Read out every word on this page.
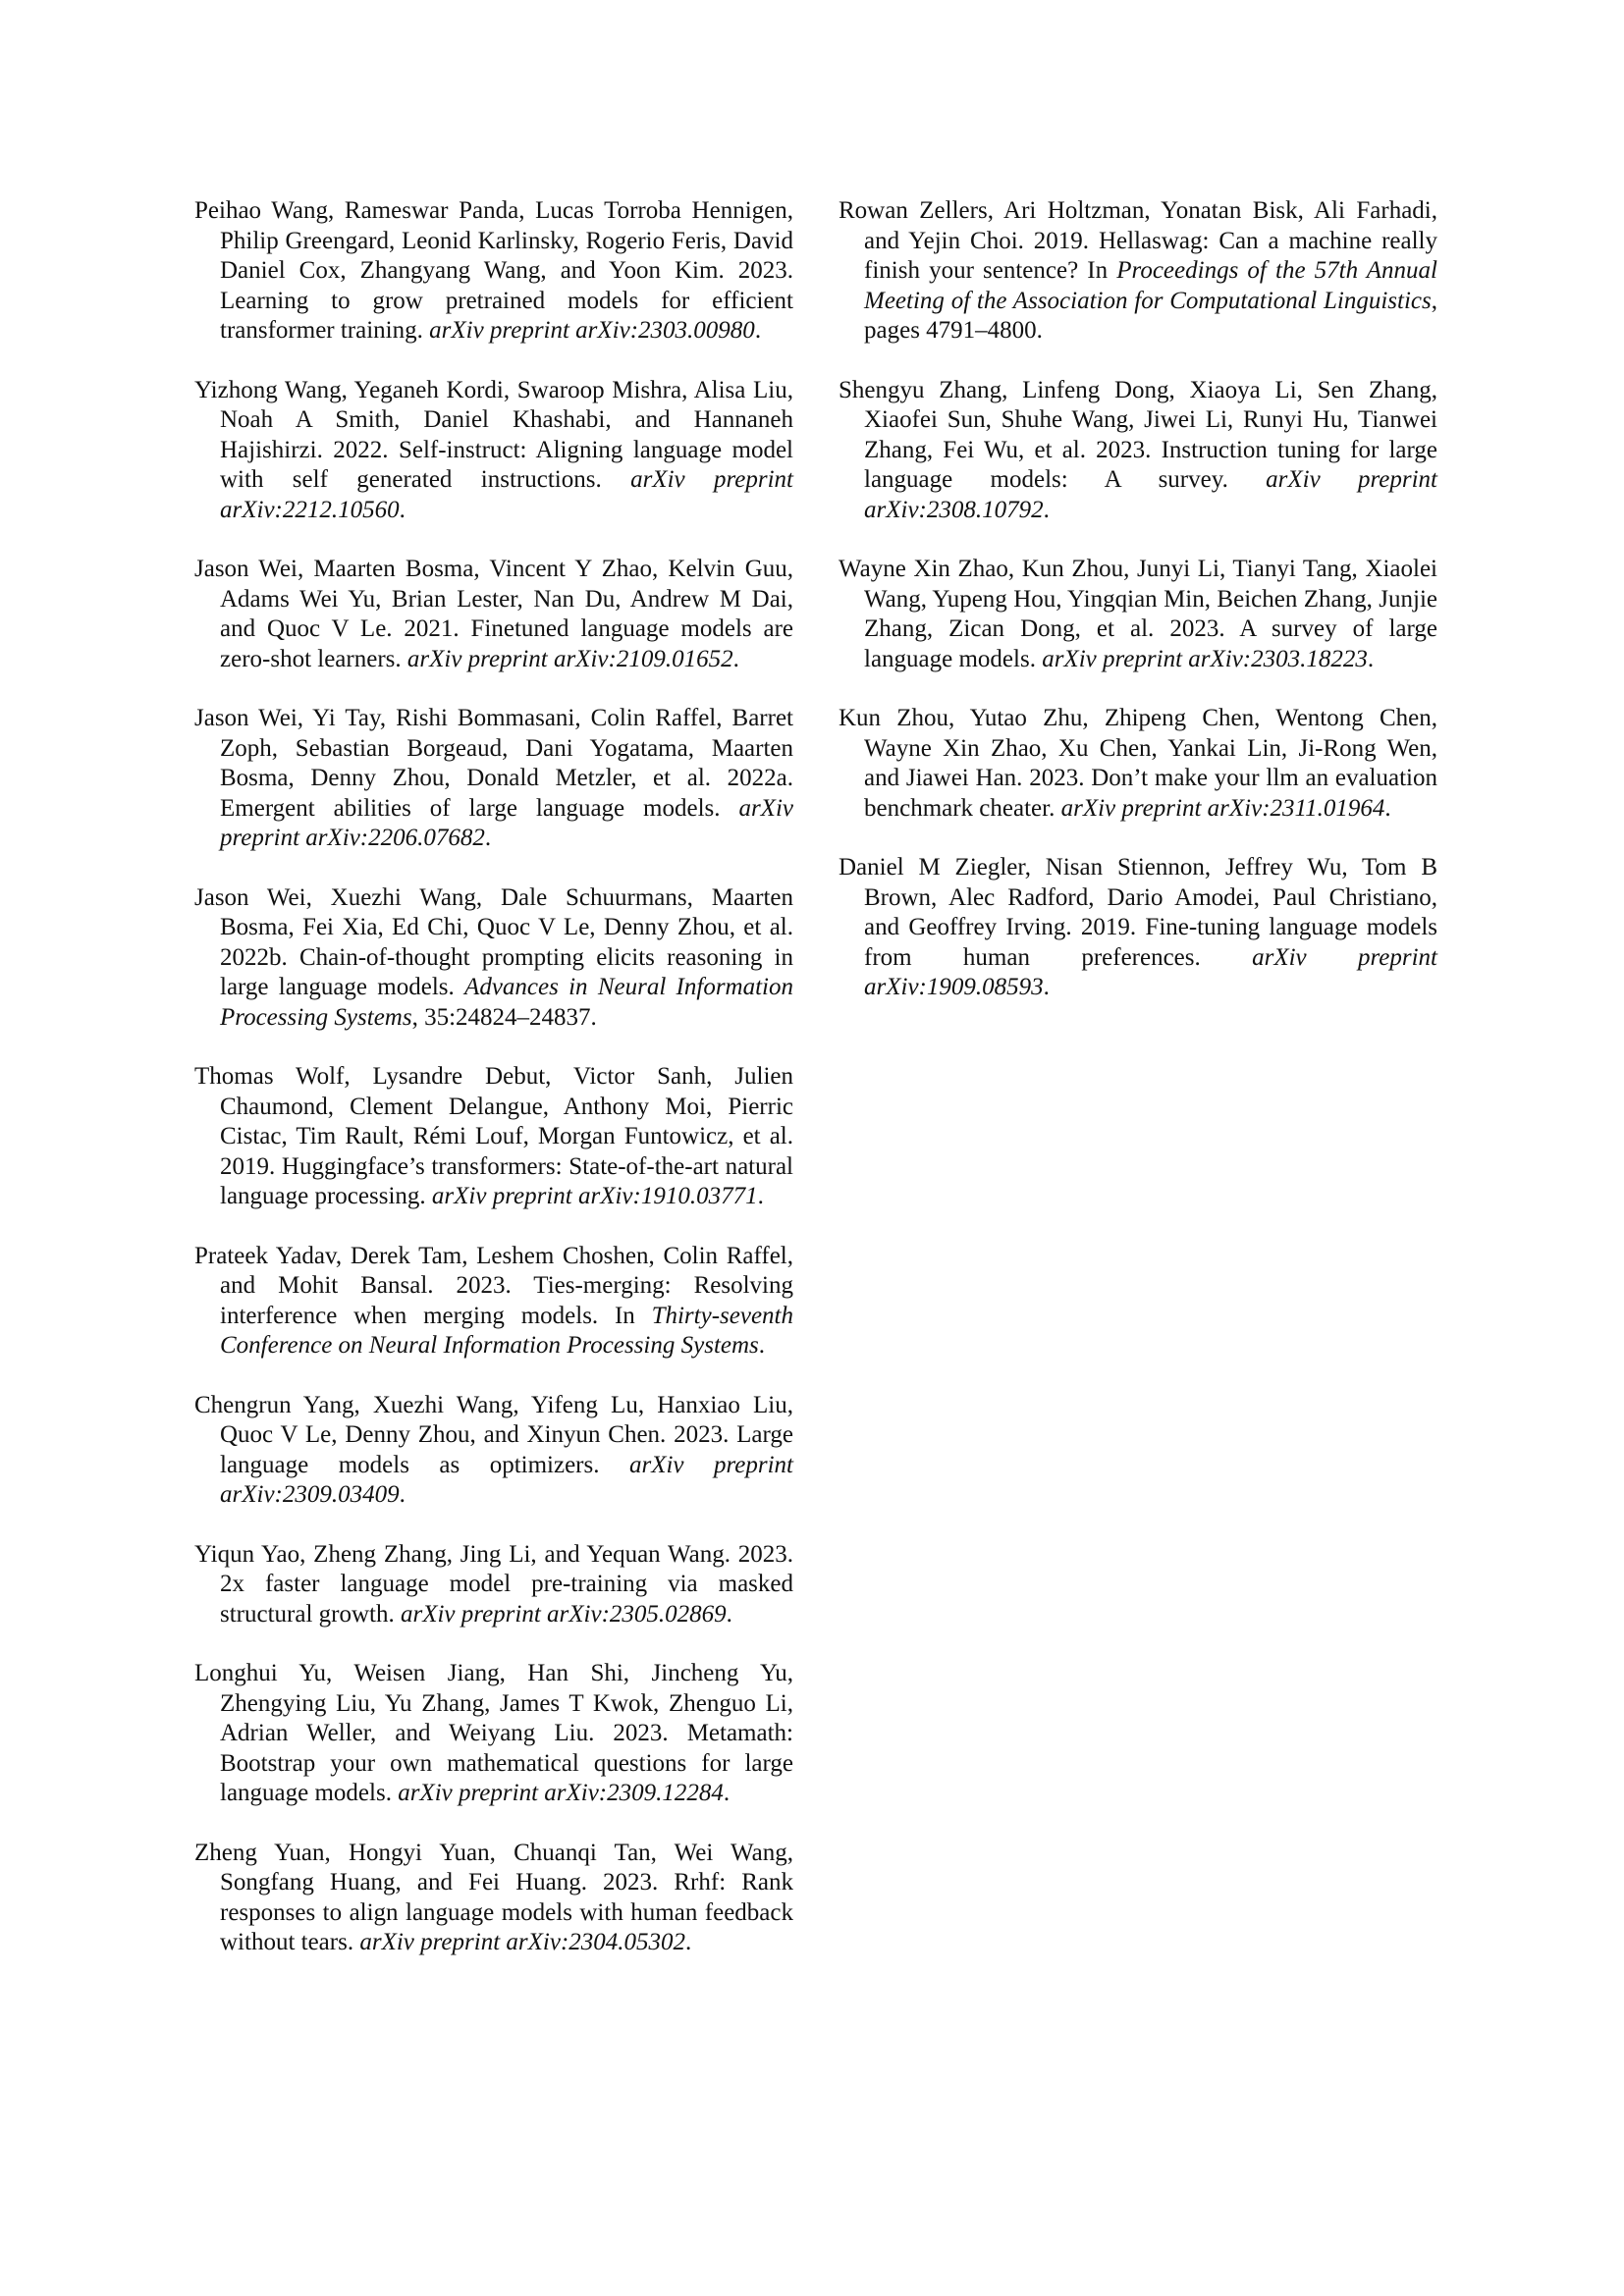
Peihao Wang, Rameswar Panda, Lucas Torroba Hennigen, Philip Greengard, Leonid Karlinsky, Rogerio Feris, David Daniel Cox, Zhangyang Wang, and Yoon Kim. 2023. Learning to grow pretrained models for efficient transformer training. arXiv preprint arXiv:2303.00980.

Yizhong Wang, Yeganeh Kordi, Swaroop Mishra, Alisa Liu, Noah A Smith, Daniel Khashabi, and Hannaneh Hajishirzi. 2022. Self-instruct: Aligning language model with self generated instructions. arXiv preprint arXiv:2212.10560.

Jason Wei, Maarten Bosma, Vincent Y Zhao, Kelvin Guu, Adams Wei Yu, Brian Lester, Nan Du, Andrew M Dai, and Quoc V Le. 2021. Finetuned language models are zero-shot learners. arXiv preprint arXiv:2109.01652.

Jason Wei, Yi Tay, Rishi Bommasani, Colin Raffel, Barret Zoph, Sebastian Borgeaud, Dani Yogatama, Maarten Bosma, Denny Zhou, Donald Metzler, et al. 2022a. Emergent abilities of large language models. arXiv preprint arXiv:2206.07682.

Jason Wei, Xuezhi Wang, Dale Schuurmans, Maarten Bosma, Fei Xia, Ed Chi, Quoc V Le, Denny Zhou, et al. 2022b. Chain-of-thought prompting elicits reasoning in large language models. Advances in Neural Information Processing Systems, 35:24824–24837.

Thomas Wolf, Lysandre Debut, Victor Sanh, Julien Chaumond, Clement Delangue, Anthony Moi, Pierric Cistac, Tim Rault, Rémi Louf, Morgan Funtowicz, et al. 2019. Huggingface’s transformers: State-of-the-art natural language processing. arXiv preprint arXiv:1910.03771.

Prateek Yadav, Derek Tam, Leshem Choshen, Colin Raffel, and Mohit Bansal. 2023. Ties-merging: Resolving interference when merging models. In Thirty-seventh Conference on Neural Information Processing Systems.

Chengrun Yang, Xuezhi Wang, Yifeng Lu, Hanxiao Liu, Quoc V Le, Denny Zhou, and Xinyun Chen. 2023. Large language models as optimizers. arXiv preprint arXiv:2309.03409.

Yiqun Yao, Zheng Zhang, Jing Li, and Yequan Wang. 2023. 2x faster language model pre-training via masked structural growth. arXiv preprint arXiv:2305.02869.

Longhui Yu, Weisen Jiang, Han Shi, Jincheng Yu, Zhengying Liu, Yu Zhang, James T Kwok, Zhenguo Li, Adrian Weller, and Weiyang Liu. 2023. Metamath: Bootstrap your own mathematical questions for large language models. arXiv preprint arXiv:2309.12284.

Zheng Yuan, Hongyi Yuan, Chuanqi Tan, Wei Wang, Songfang Huang, and Fei Huang. 2023. Rrhf: Rank responses to align language models with human feedback without tears. arXiv preprint arXiv:2304.05302.

Rowan Zellers, Ari Holtzman, Yonatan Bisk, Ali Farhadi, and Yejin Choi. 2019. Hellaswag: Can a machine really finish your sentence? In Proceedings of the 57th Annual Meeting of the Association for Computational Linguistics, pages 4791–4800.

Shengyu Zhang, Linfeng Dong, Xiaoya Li, Sen Zhang, Xiaofei Sun, Shuhe Wang, Jiwei Li, Runyi Hu, Tianwei Zhang, Fei Wu, et al. 2023. Instruction tuning for large language models: A survey. arXiv preprint arXiv:2308.10792.

Wayne Xin Zhao, Kun Zhou, Junyi Li, Tianyi Tang, Xiaolei Wang, Yupeng Hou, Yingqian Min, Beichen Zhang, Junjie Zhang, Zican Dong, et al. 2023. A survey of large language models. arXiv preprint arXiv:2303.18223.

Kun Zhou, Yutao Zhu, Zhipeng Chen, Wentong Chen, Wayne Xin Zhao, Xu Chen, Yankai Lin, Ji-Rong Wen, and Jiawei Han. 2023. Don’t make your llm an evaluation benchmark cheater. arXiv preprint arXiv:2311.01964.

Daniel M Ziegler, Nisan Stiennon, Jeffrey Wu, Tom B Brown, Alec Radford, Dario Amodei, Paul Christiano, and Geoffrey Irving. 2019. Fine-tuning language models from human preferences. arXiv preprint arXiv:1909.08593.
